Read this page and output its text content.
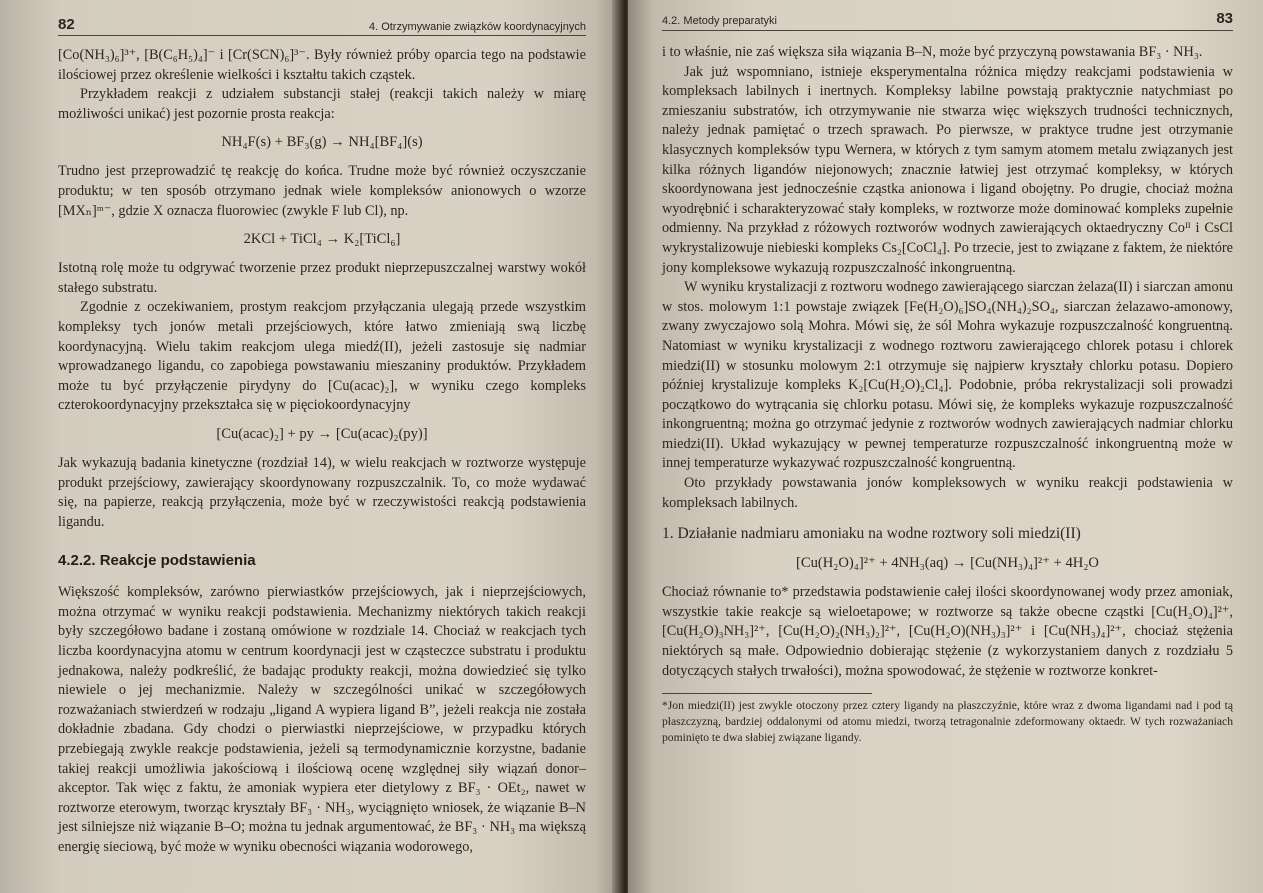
82	4. Otrzymywanie związków koordynacyjnych

[Co(NH₃)₆]³⁺, [B(C₆H₅)₄]⁻ i [Cr(SCN)₆]³⁻. Były również próby oparcia tego na podstawie ilościowej przez określenie wielkości i kształtu takich cząstek.

Przykładem reakcji z udziałem substancji stałej (reakcji takich należy w miarę możliwości unikać) jest pozornie prosta reakcja:

NH₄F(s) + BF₃(g) → NH₄[BF₄](s)

Trudno jest przeprowadzić tę reakcję do końca. Trudne może być również oczyszczanie produktu; w ten sposób otrzymano jednak wiele kompleksów anionowych o wzorze [MXₙ]ᵐ⁻, gdzie X oznacza fluorowiec (zwykle F lub Cl), np.

2KCl + TiCl₄ → K₂[TiCl₆]

Istotną rolę może tu odgrywać tworzenie przez produkt nieprzepuszczalnej warstwy wokół stałego substratu.

Zgodnie z oczekiwaniem, prostym reakcjom przyłączania ulegają przede wszystkim kompleksy tych jonów metali przejściowych, które łatwo zmieniają swą liczbę koordynacyjną. Wielu takim reakcjom ulega miedź(II), jeżeli zastosuje się nadmiar wprowadzanego ligandu, co zapobiega powstawaniu mieszaniny produktów. Przykładem może tu być przyłączenie pirydyny do [Cu(acac)₂], w wyniku czego kompleks czterokoordynacyjny przekształca się w pięciokoordynacyjny

[Cu(acac)₂] + py → [Cu(acac)₂(py)]

Jak wykazują badania kinetyczne (rozdział 14), w wielu reakcjach w roztworze występuje produkt przejściowy, zawierający skoordynowany rozpuszczalnik. To, co może wydawać się, na papierze, reakcją przyłączenia, może być w rzeczywistości reakcją podstawienia ligandu.

4.2.2. Reakcje podstawienia

Większość kompleksów, zarówno pierwiastków przejściowych, jak i nieprzejściowych, można otrzymać w wyniku reakcji podstawienia. Mechanizmy niektórych takich reakcji były szczegółowo badane i zostaną omówione w rozdziale 14. Chociaż w reakcjach tych liczba koordynacyjna atomu w centrum koordynacji jest w cząsteczce substratu i produktu jednakowa, należy podkreślić, że badając produkty reakcji, można dowiedzieć się tylko niewiele o jej mechanizmie. Należy w szczególności unikać w szczegółowych rozważaniach stwierdzeń w rodzaju „ligand A wypiera ligand B”, jeżeli reakcja nie została dokładnie zbadana. Gdy chodzi o pierwiastki nieprzejściowe, w przypadku których przebiegają zwykle reakcje podstawienia, jeżeli są termodynamicznie korzystne, badanie takiej reakcji umożliwia jakościową i ilościową ocenę względnej siły wiązań donor–akceptor. Tak więc z faktu, że amoniak wypiera eter dietylowy z BF₃ · OEt₂, nawet w roztworze eterowym, tworząc kryształy BF₃ · NH₃, wyciągnięto wniosek, że wiązanie B–N jest silniejsze niż wiązanie B–O; można tu jednak argumentować, że BF₃ · NH₃ ma większą energię sieciową, być może w wyniku obecności wiązania wodorowego,

4.2. Metody preparatyki	83

i to właśnie, nie zaś większa siła wiązania B–N, może być przyczyną powstawania BF₃ · NH₃.

Jak już wspomniano, istnieje eksperymentalna różnica między reakcjami podstawienia w kompleksach labilnych i inertnych. Kompleksy labilne powstają praktycznie natychmiast po zmieszaniu substratów, ich otrzymywanie nie stwarza więc większych trudności technicznych, należy jednak pamiętać o trzech sprawach. Po pierwsze, w praktyce trudne jest otrzymanie klasycznych kompleksów typu Wernera, w których z tym samym atomem metalu związanych jest kilka różnych ligandów niejonowych; znacznie łatwiej jest otrzymać kompleksy, w których skoordynowana jest jednocześnie cząstka anionowa i ligand obojętny. Po drugie, chociaż można wyodrębnić i scharakteryzować stały kompleks, w roztworze może dominować kompleks zupełnie odmienny. Na przykład z różowych roztworów wodnych zawierających oktaedryczny Coᴵᴵ i CsCl wykrystalizowuje niebieski kompleks Cs₂[CoCl₄]. Po trzecie, jest to związane z faktem, że niektóre jony kompleksowe wykazują rozpuszczalność inkongruentną.

W wyniku krystalizacji z roztworu wodnego zawierającego siarczan żelaza(II) i siarczan amonu w stos. molowym 1:1 powstaje związek [Fe(H₂O)₆]SO₄(NH₄)₂SO₄, siarczan żelazawo-amonowy, zwany zwyczajowo solą Mohra. Mówi się, że sól Mohra wykazuje rozpuszczalność kongruentną. Natomiast w wyniku krystalizacji z wodnego roztworu zawierającego chlorek potasu i chlorek miedzi(II) w stosunku molowym 2:1 otrzymuje się najpierw kryształy chlorku potasu. Dopiero później krystalizuje kompleks K₂[Cu(H₂O)₂Cl₄]. Podobnie, próba rekrystalizacji soli prowadzi początkowo do wytrącania się chlorku potasu. Mówi się, że kompleks wykazuje rozpuszczalność inkongruentną; można go otrzymać jedynie z roztworów wodnych zawierających nadmiar chlorku miedzi(II). Układ wykazujący w pewnej temperaturze rozpuszczalność inkongruentną może w innej temperaturze wykazywać rozpuszczalność kongruentną.

Oto przykłady powstawania jonów kompleksowych w wyniku reakcji podstawienia w kompleksach labilnych.

1. Działanie nadmiaru amoniaku na wodne roztwory soli miedzi(II)
[Cu(H₂O)₄]²⁺ + 4NH₃(aq) → [Cu(NH₃)₄]²⁺ + 4H₂O

Chociaż równanie to* przedstawia podstawienie całej ilości skoordynowanej wody przez amoniak, wszystkie takie reakcje są wieloetapowe; w roztworze są także obecne cząstki [Cu(H₂O)₄]²⁺, [Cu(H₂O)₃NH₃]²⁺, [Cu(H₂O)₂(NH₃)₂]²⁺, [Cu(H₂O)(NH₃)₃]²⁺ i [Cu(NH₃)₄]²⁺, chociaż stężenia niektórych są małe. Odpowiednio dobierając stężenie (z wykorzystaniem danych z rozdziału 5 dotyczących stałych trwałości), można spowodować, że stężenie w roztworze konkret-

*Jon miedzi(II) jest zwykle otoczony przez cztery ligandy na płaszczyźnie, które wraz z dwoma ligandami nad i pod tą płaszczyzną, bardziej oddalonymi od atomu miedzi, tworzą tetragonalnie zdeformowany oktaedr. W tych rozważaniach pominięto te dwa słabiej związane ligandy.
